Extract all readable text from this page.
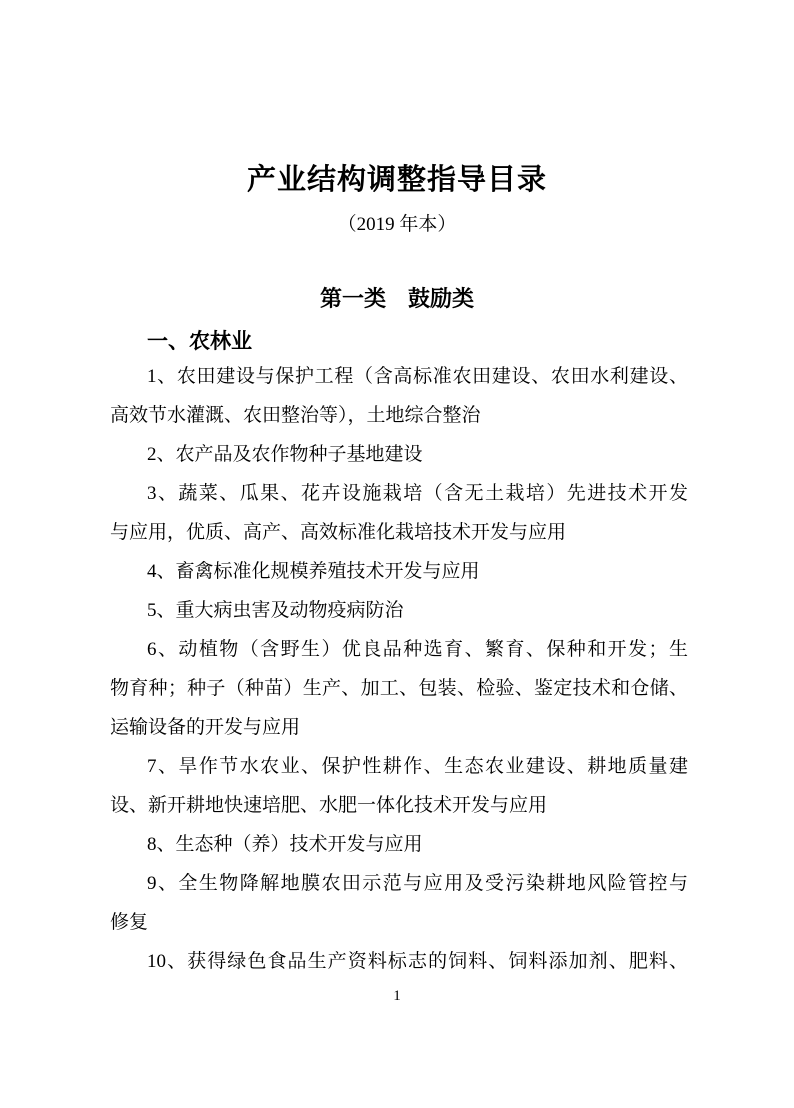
产业结构调整指导目录
（2019 年本）
第一类　鼓励类
一、农林业
1、农田建设与保护工程（含高标准农田建设、农田水利建设、
高效节水灌溉、农田整治等），土地综合整治
2、农产品及农作物种子基地建设
3、蔬菜、瓜果、花卉设施栽培（含无土栽培）先进技术开发
与应用，优质、高产、高效标准化栽培技术开发与应用
4、畜禽标准化规模养殖技术开发与应用
5、重大病虫害及动物疫病防治
6、动植物（含野生）优良品种选育、繁育、保种和开发；生
物育种；种子（种苗）生产、加工、包装、检验、鉴定技术和仓储、
运输设备的开发与应用
7、旱作节水农业、保护性耕作、生态农业建设、耕地质量建
设、新开耕地快速培肥、水肥一体化技术开发与应用
8、生态种（养）技术开发与应用
9、全生物降解地膜农田示范与应用及受污染耕地风险管控与
修复
10、获得绿色食品生产资料标志的饲料、饲料添加剂、肥料、
1
